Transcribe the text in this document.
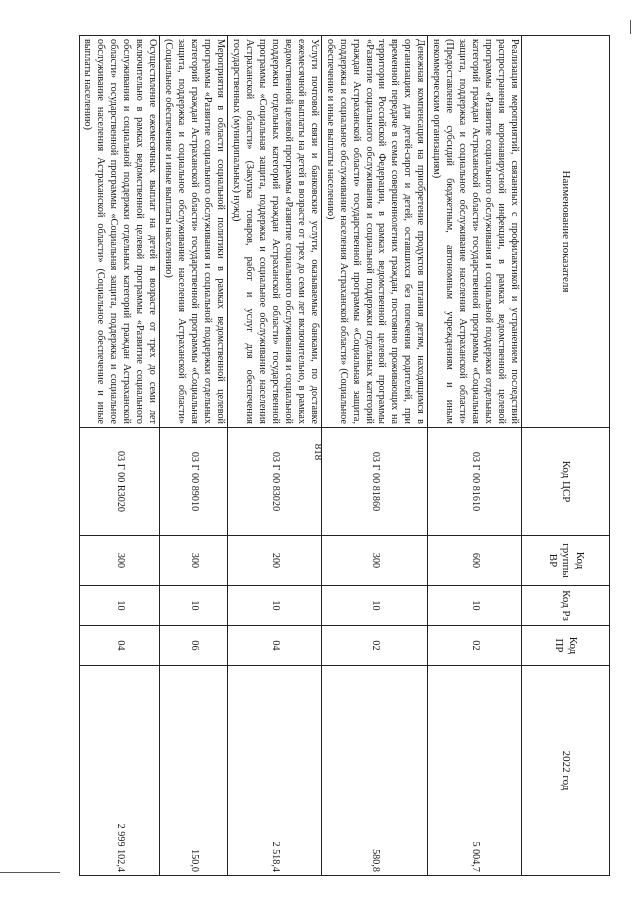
818
Наименование показателя	Код ЦСР	Код группы ВР	Код Рз	Код ПР	2022 год
Реализация мероприятий, связанных с профилактикой и устранением последствий распространения коронавирусной инфекции, в рамках ведомственной целевой программы «Развитие социального обслуживания и социальной поддержки отдельных категорий граждан Астраханской области» государственной программы «Социальная защита, поддержка и социальное обслуживание населения Астраханской области» (Предоставление субсидий бюджетным, автономным учреждениям и иным некоммерческим организациям)	03 Г 00 81610	600	10	02	5 004,7
Денежная компенсация на приобретение продуктов питания детям, находящимся в организациях для детей-сирот и детей, оставшихся без попечения родителей, при временной передаче в семьи совершеннолетних граждан, постоянно проживающих на территории Российской Федерации, в рамках ведомственной целевой программы «Развитие социального обслуживания и социальной поддержки отдельных категорий граждан Астраханской области» государственной программы «Социальная защита, поддержка и социальное обслуживание населения Астраханской области» (Социальное обеспечение и иные выплаты населению)	03 Г 00 81860	300	10	02	580,8
Услуги почтовой связи и банковские услуги, оказываемые банками, по доставке ежемесячной выплаты на детей в возрасте от трех до семи лет включительно, в рамках ведомственной целевой программы «Развитие социального обслуживания и социальной поддержки отдельных категорий граждан Астраханской области» государственной программы «Социальная защита, поддержка и социальное обслуживание населения Астраханской области» (Закупка товаров, работ и услуг для обеспечения государственных (муниципальных) нужд)	03 Г 00 83020	200	10	04	2 518,4
Мероприятия в области социальной политики в рамках ведомственной целевой программы «Развитие социального обслуживания и социальной поддержки отдельных категорий граждан Астраханской области» государственной программы «Социальная защита, поддержка и социальное обслуживание населения Астраханской области» (Социальное обеспечение и иные выплаты населению)	03 Г 00 89010	300	10	06	150,0
Осуществление ежемесячных выплат на детей в возрасте от трех до семи лет включительно в рамках ведомственной целевой программы «Развитие социального обслуживания и социальной поддержки отдельных категорий граждан Астраханской области» государственной программы «Социальная защита, поддержка и социальное обслуживание населения Астраханской области» (Социальное обеспечение и иные выплаты населению)	03 Г 00 R3020	300	10	04	2 999 102,4
